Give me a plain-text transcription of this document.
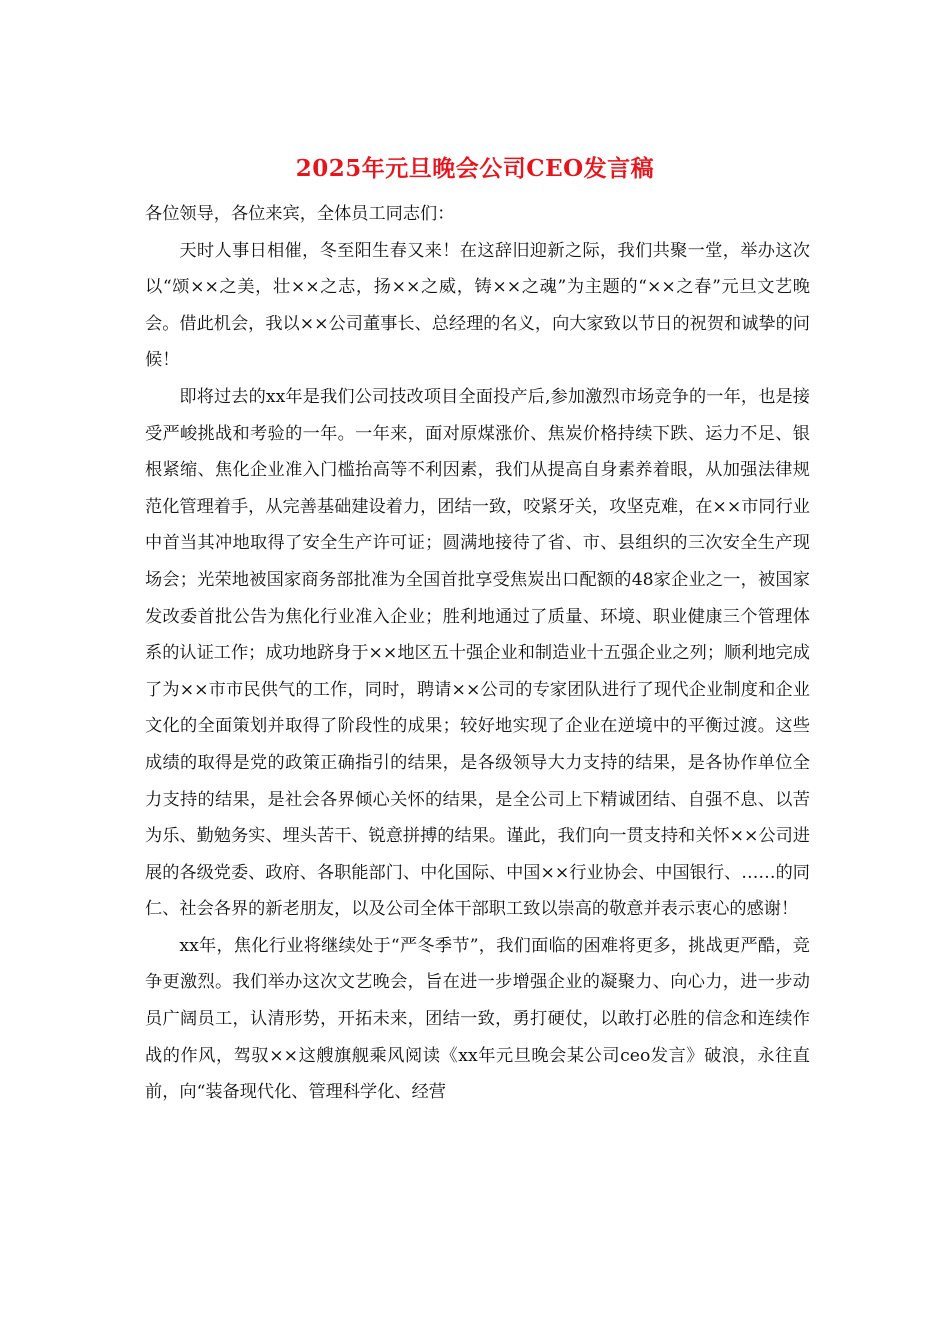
2025年元旦晚会公司CEO发言稿

各位领导，各位来宾，全体员工同志们：

天时人事日相催，冬至阳生春又来！在这辞旧迎新之际，我们共聚一堂，举办这次以“颂××之美，壮××之志，扬××之威，铸××之魂”为主题的“××之春”元旦文艺晚会。借此机会，我以××公司董事长、总经理的名义，向大家致以节日的祝贺和诚挚的问候！

即将过去的xx年是我们公司技改项目全面投产后,参加激烈市场竞争的一年，也是接受严峻挑战和考验的一年。一年来，面对原煤涨价、焦炭价格持续下跌、运力不足、银根紧缩、焦化企业准入门槛抬高等不利因素，我们从提高自身素养着眼，从加强法律规范化管理着手，从完善基础建设着力，团结一致，咬紧牙关，攻坚克难，在××市同行业中首当其冲地取得了安全生产许可证；圆满地接待了省、市、县组织的三次安全生产现场会；光荣地被国家商务部批准为全国首批享受焦炭出口配额的48家企业之一，被国家发改委首批公告为焦化行业准入企业；胜利地通过了质量、环境、职业健康三个管理体系的认证工作；成功地跻身于××地区五十强企业和制造业十五强企业之列；顺利地完成了为××市市民供气的工作，同时，聘请××公司的专家团队进行了现代企业制度和企业文化的全面策划并取得了阶段性的成果；较好地实现了企业在逆境中的平衡过渡。这些成绩的取得是党的政策正确指引的结果，是各级领导大力支持的结果，是各协作单位全力支持的结果，是社会各界倾心关怀的结果，是全公司上下精诚团结、自强不息、以苦为乐、勤勉务实、埋头苦干、锐意拼搏的结果。谨此，我们向一贯支持和关怀××公司进展的各级党委、政府、各职能部门、中化国际、中国××行业协会、中国银行、……的同仁、社会各界的新老朋友，以及公司全体干部职工致以崇高的敬意并表示衷心的感谢！

xx年，焦化行业将继续处于“严冬季节”，我们面临的困难将更多，挑战更严酷，竞争更激烈。我们举办这次文艺晚会，旨在进一步增强企业的凝聚力、向心力，进一步动员广阔员工，认清形势，开拓未来，团结一致，勇打硬仗，以敢打必胜的信念和连续作战的作风，驾驭××这艘旗舰乘风阅读《xx年元旦晚会某公司ceo发言》破浪，永往直前，向“装备现代化、管理科学化、经营
